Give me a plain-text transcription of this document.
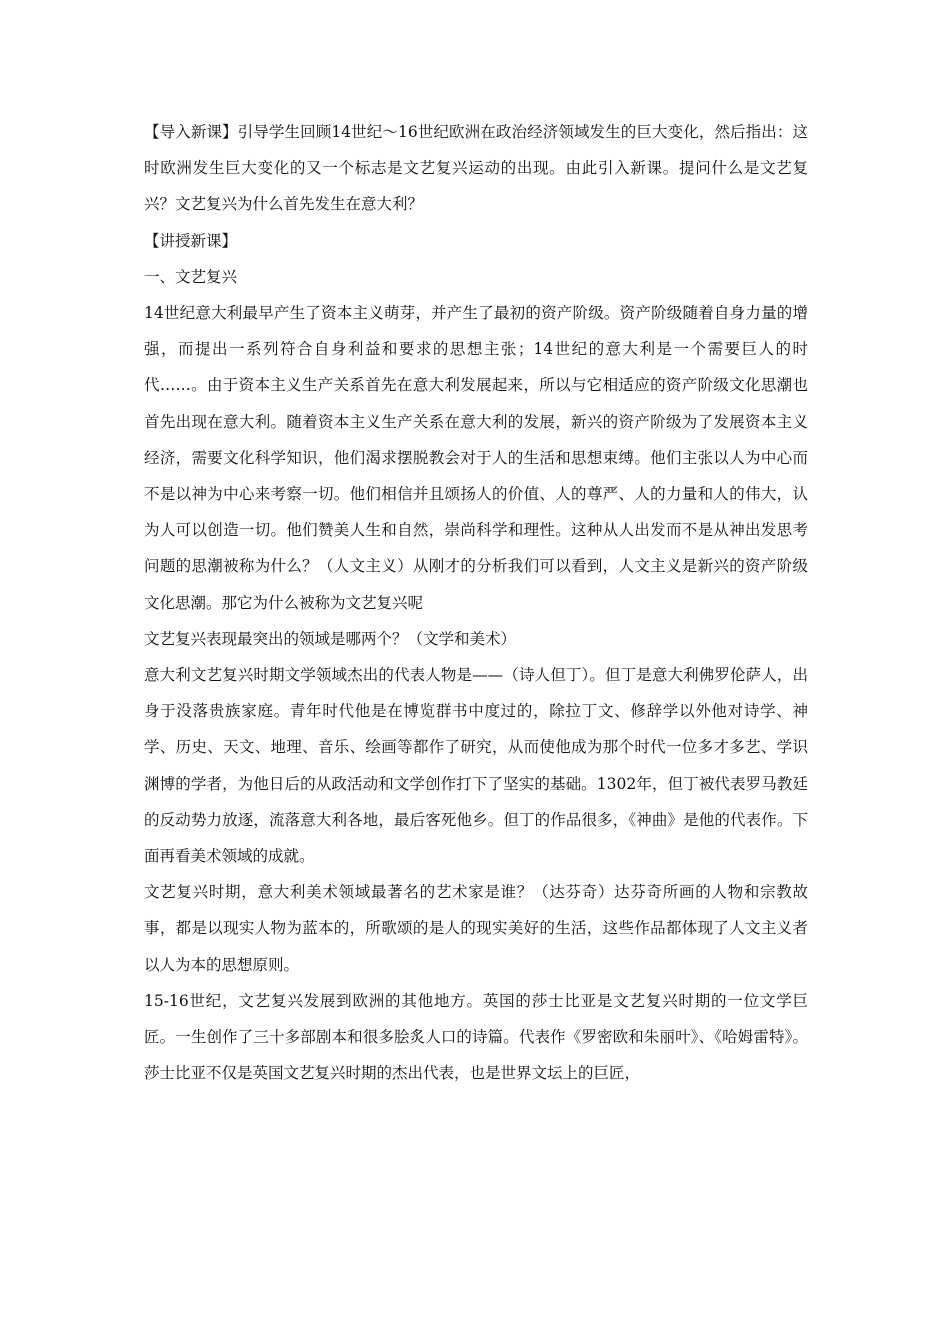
【导入新课】引导学生回顾14世纪～16世纪欧洲在政治经济领域发生的巨大变化，然后指出：这时欧洲发生巨大变化的又一个标志是文艺复兴运动的出现。由此引入新课。提问什么是文艺复兴？文艺复兴为什么首先发生在意大利？

【讲授新课】

一、文艺复兴

14世纪意大利最早产生了资本主义萌芽，并产生了最初的资产阶级。资产阶级随着自身力量的增强，而提出一系列符合自身利益和要求的思想主张；14世纪的意大利是一个需要巨人的时代……。由于资本主义生产关系首先在意大利发展起来，所以与它相适应的资产阶级文化思潮也首先出现在意大利。随着资本主义生产关系在意大利的发展，新兴的资产阶级为了发展资本主义经济，需要文化科学知识，他们渴求摆脱教会对于人的生活和思想束缚。他们主张以人为中心而不是以神为中心来考察一切。他们相信并且颂扬人的价值、人的尊严、人的力量和人的伟大，认为人可以创造一切。他们赞美人生和自然，崇尚科学和理性。这种从人出发而不是从神出发思考问题的思潮被称为什么？（人文主义）从刚才的分析我们可以看到，人文主义是新兴的资产阶级文化思潮。那它为什么被称为文艺复兴呢

文艺复兴表现最突出的领域是哪两个？（文学和美术）

意大利文艺复兴时期文学领域杰出的代表人物是——（诗人但丁）。但丁是意大利佛罗伦萨人，出身于没落贵族家庭。青年时代他是在博览群书中度过的，除拉丁文、修辞学以外他对诗学、神学、历史、天文、地理、音乐、绘画等都作了研究，从而使他成为那个时代一位多才多艺、学识渊博的学者，为他日后的从政活动和文学创作打下了坚实的基础。1302年，但丁被代表罗马教廷的反动势力放逐，流落意大利各地，最后客死他乡。但丁的作品很多，《神曲》是他的代表作。下面再看美术领域的成就。

文艺复兴时期，意大利美术领域最著名的艺术家是谁？（达芬奇）达芬奇所画的人物和宗教故事，都是以现实人物为蓝本的，所歌颂的是人的现实美好的生活，这些作品都体现了人文主义者以人为本的思想原则。

15-16世纪，文艺复兴发展到欧洲的其他地方。英国的莎士比亚是文艺复兴时期的一位文学巨匠。一生创作了三十多部剧本和很多脍炙人口的诗篇。代表作《罗密欧和朱丽叶》、《哈姆雷特》。莎士比亚不仅是英国文艺复兴时期的杰出代表，也是世界文坛上的巨匠，
